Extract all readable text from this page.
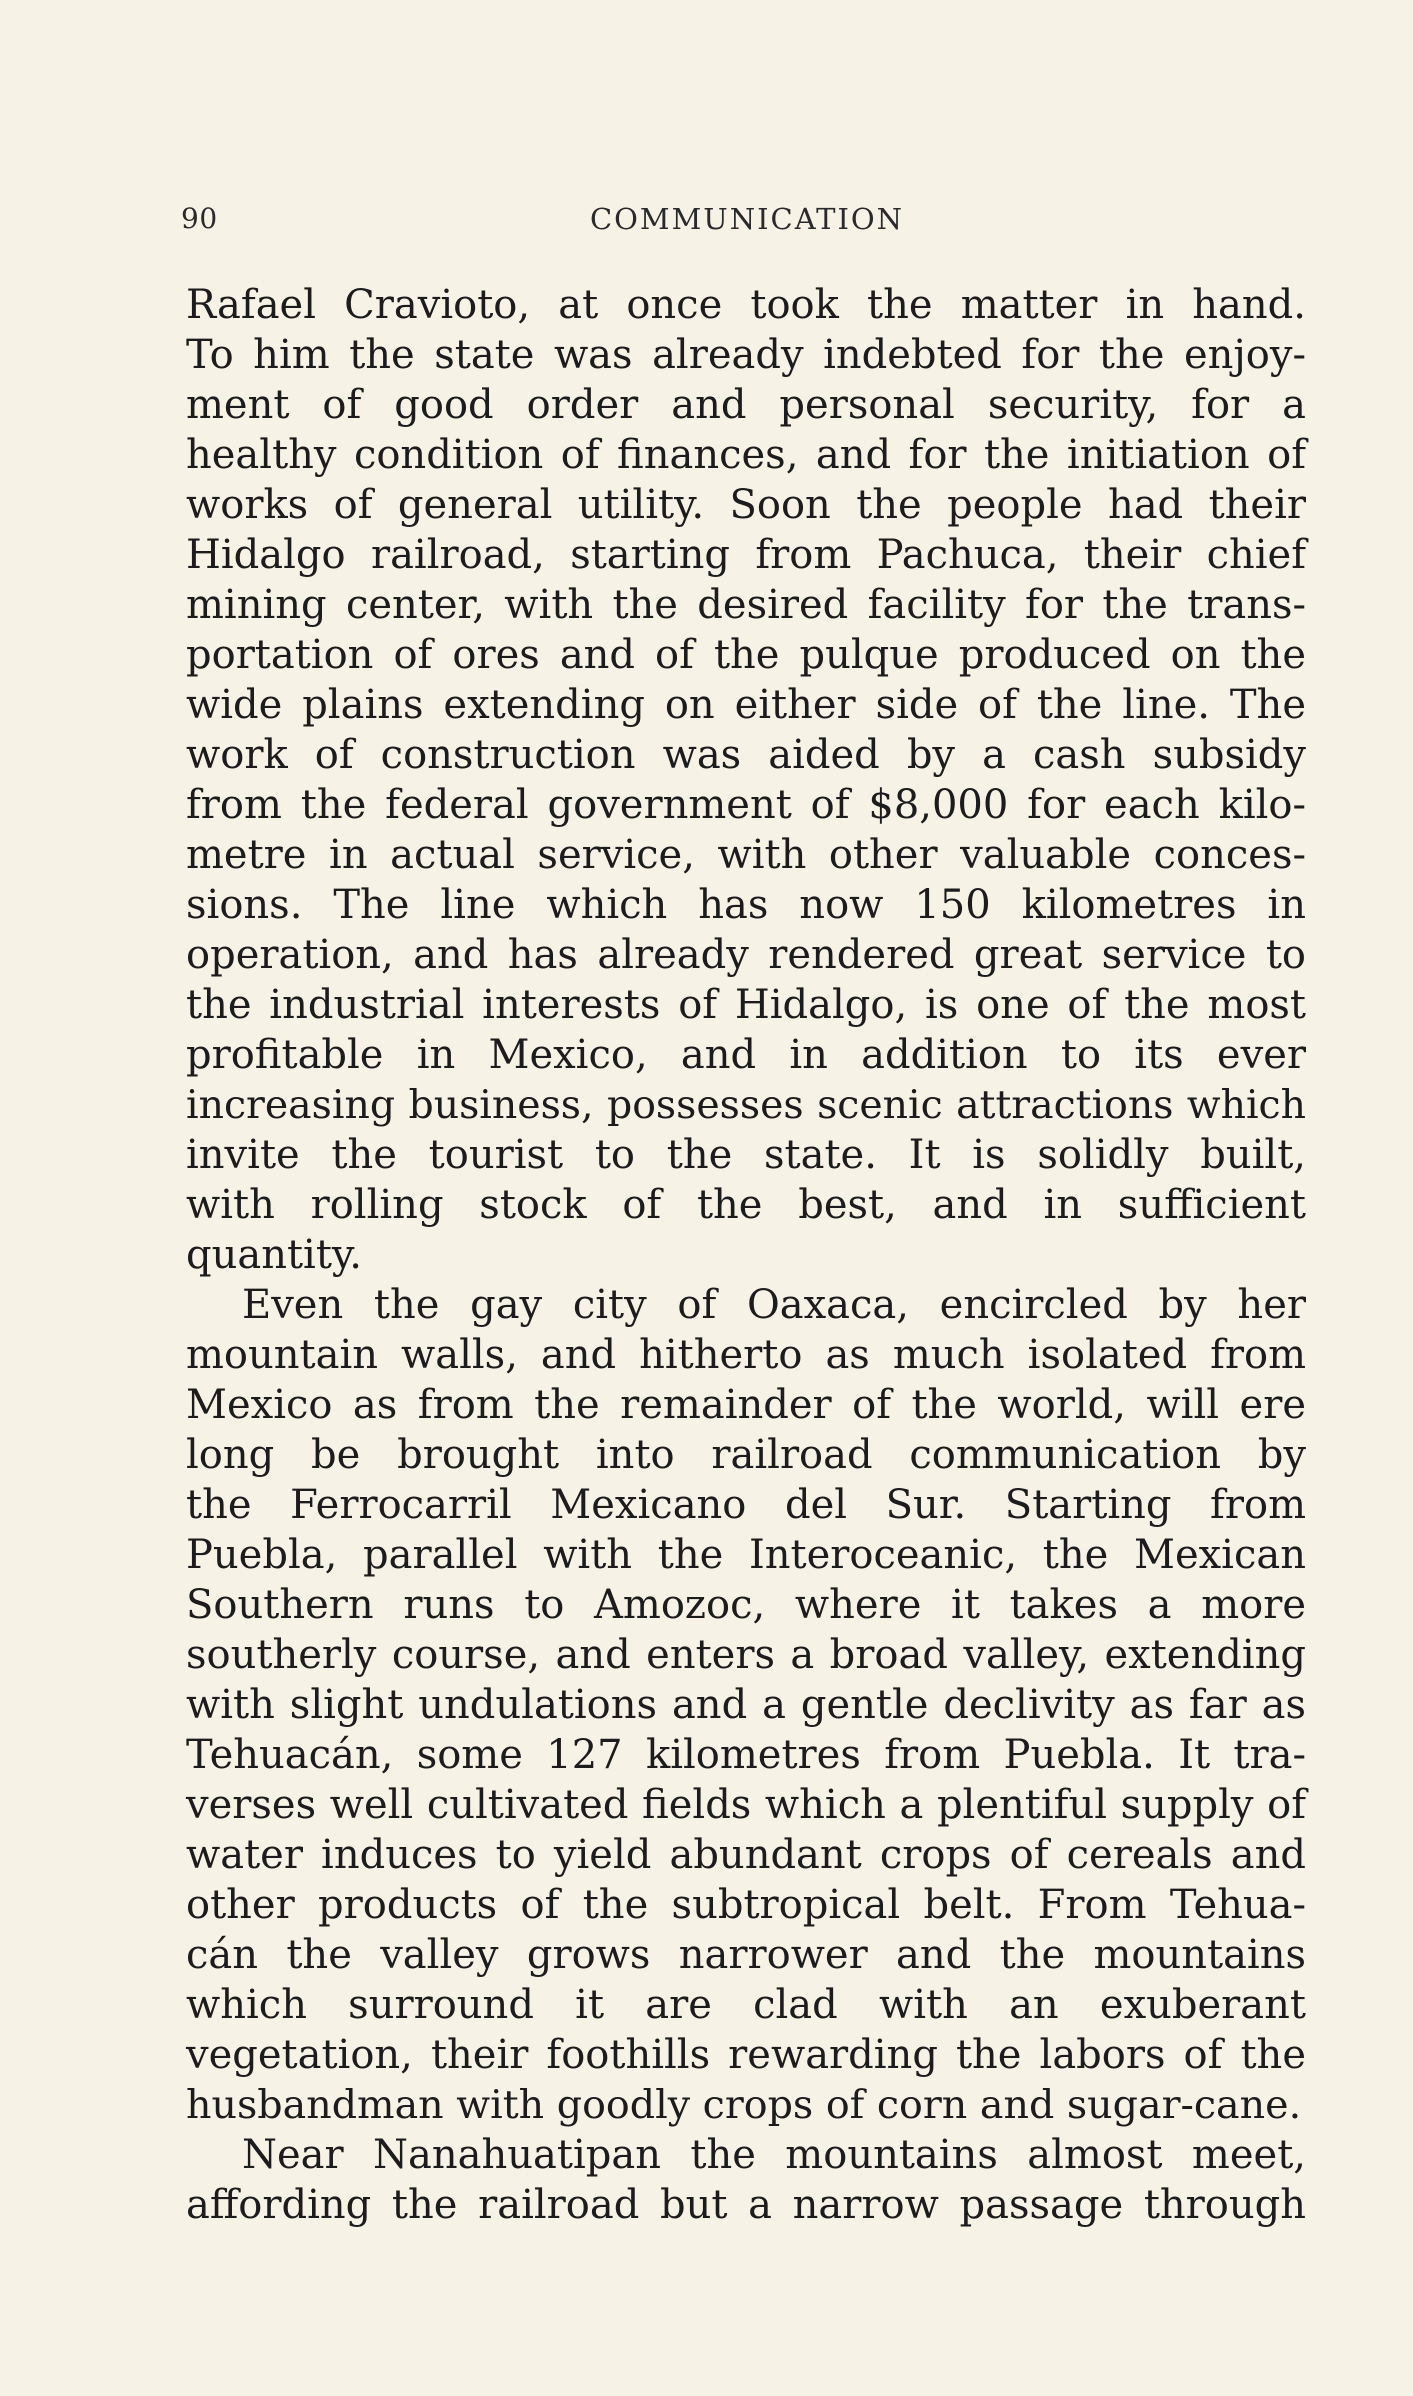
90	COMMUNICATION
Rafael Cravioto, at once took the matter in hand.
To him the state was already indebted for the enjoy-
ment of good order and personal security, for a
healthy condition of finances, and for the initiation of
works of general utility. Soon the people had their
Hidalgo railroad, starting from Pachuca, their chief
mining center, with the desired facility for the trans-
portation of ores and of the pulque produced on the
wide plains extending on either side of the line. The
work of construction was aided by a cash subsidy
from the federal government of $8,000 for each kilo-
metre in actual service, with other valuable conces-
sions. The line which has now 150 kilometres in
operation, and has already rendered great service to
the industrial interests of Hidalgo, is one of the most
profitable in Mexico, and in addition to its ever
increasing business, possesses scenic attractions which
invite the tourist to the state. It is solidly built,
with rolling stock of the best, and in sufficient
quantity.
Even the gay city of Oaxaca, encircled by her
mountain walls, and hitherto as much isolated from
Mexico as from the remainder of the world, will ere
long be brought into railroad communication by
the Ferrocarril Mexicano del Sur. Starting from
Puebla, parallel with the Interoceanic, the Mexican
Southern runs to Amozoc, where it takes a more
southerly course, and enters a broad valley, extending
with slight undulations and a gentle declivity as far as
Tehuacán, some 127 kilometres from Puebla. It tra-
verses well cultivated fields which a plentiful supply of
water induces to yield abundant crops of cereals and
other products of the subtropical belt. From Tehua-
cán the valley grows narrower and the mountains
which surround it are clad with an exuberant
vegetation, their foothills rewarding the labors of the
husbandman with goodly crops of corn and sugar-cane.
Near Nanahuatipan the mountains almost meet,
affording the railroad but a narrow passage through
